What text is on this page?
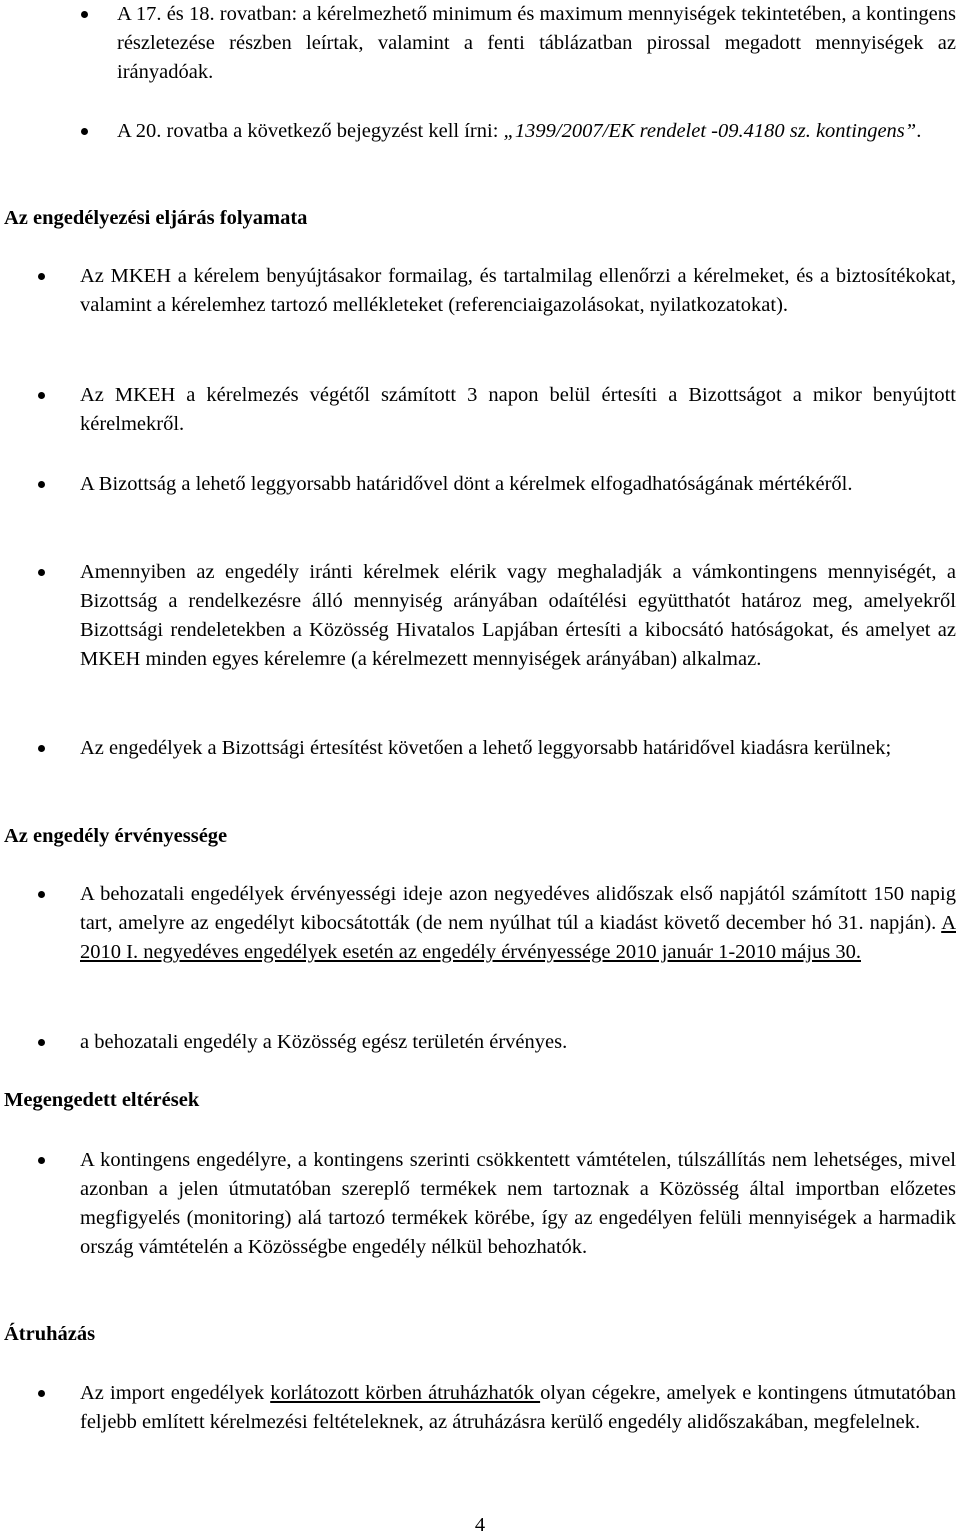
A 17. és 18. rovatban: a kérelmezhető minimum és maximum mennyiségek tekintetében, a kontingens részletezése részben leírtak, valamint a fenti táblázatban pirossal megadott mennyiségek az irányadóak.
A 20. rovatba a következő bejegyzést kell írni: „1399/2007/EK rendelet -09.4180 sz. kontingens”.
Az engedélyezési eljárás folyamata
Az MKEH a kérelem benyújtásakor formailag, és tartalmilag ellenőrzi a kérelmeket, és a biztosítékokat, valamint a kérelemhez tartozó mellékleteket (referenciaigazolásokat, nyilatkozatokat).
Az MKEH a kérelmezés végétől számított 3 napon belül értesíti a Bizottságot a mikor benyújtott kérelmekről.
A Bizottság a lehető leggyorsabb határidővel dönt a kérelmek elfogadhatóságának mértékéről.
Amennyiben az engedély iránti kérelmek elérik vagy meghaladják a vámkontingens mennyiségét, a Bizottság a rendelkezésre álló mennyiség arányában odaítélési együtthatót határoz meg, amelyekről Bizottsági rendeletekben a Közösség Hivatalos Lapjában értesíti a kibocsátó hatóságokat, és amelyet az MKEH minden egyes kérelemre (a kérelmezett mennyiségek arányában) alkalmaz.
Az engedélyek a Bizottsági értesítést követően a lehető leggyorsabb határidővel kiadásra kerülnek;
Az engedély érvényessége
A behozatali engedélyek érvényességi ideje azon negyedéves alidőszak első napjától számított 150 napig tart, amelyre az engedélyt kibocsátották (de nem nyúlhat túl a kiadást követő december hó 31. napján). A 2010 I. negyedéves engedélyek esetén az engedély érvényessége 2010 január 1-2010 május 30.
a behozatali engedély a Közösség egész területén érvényes.
Megengedett eltérések
A kontingens engedélyre, a kontingens szerinti csökkentett vámtételen, túlszállítás nem lehetséges, mivel azonban a jelen útmutatóban szereplő termékek nem tartoznak a Közösség által importban előzetes megfigyelés (monitoring) alá tartozó termékek körébe, így az engedélyen felüli mennyiségek a harmadik ország vámtételén a Közösségbe engedély nélkül behozhatók.
Átruházás
Az import engedélyek korlátozott körben átruházhatók olyan cégekre, amelyek e kontingens útmutatóban feljebb említett kérelmezési feltételeknek, az átruházásra kerülő engedély alidőszakában, megfelelnek.
4
